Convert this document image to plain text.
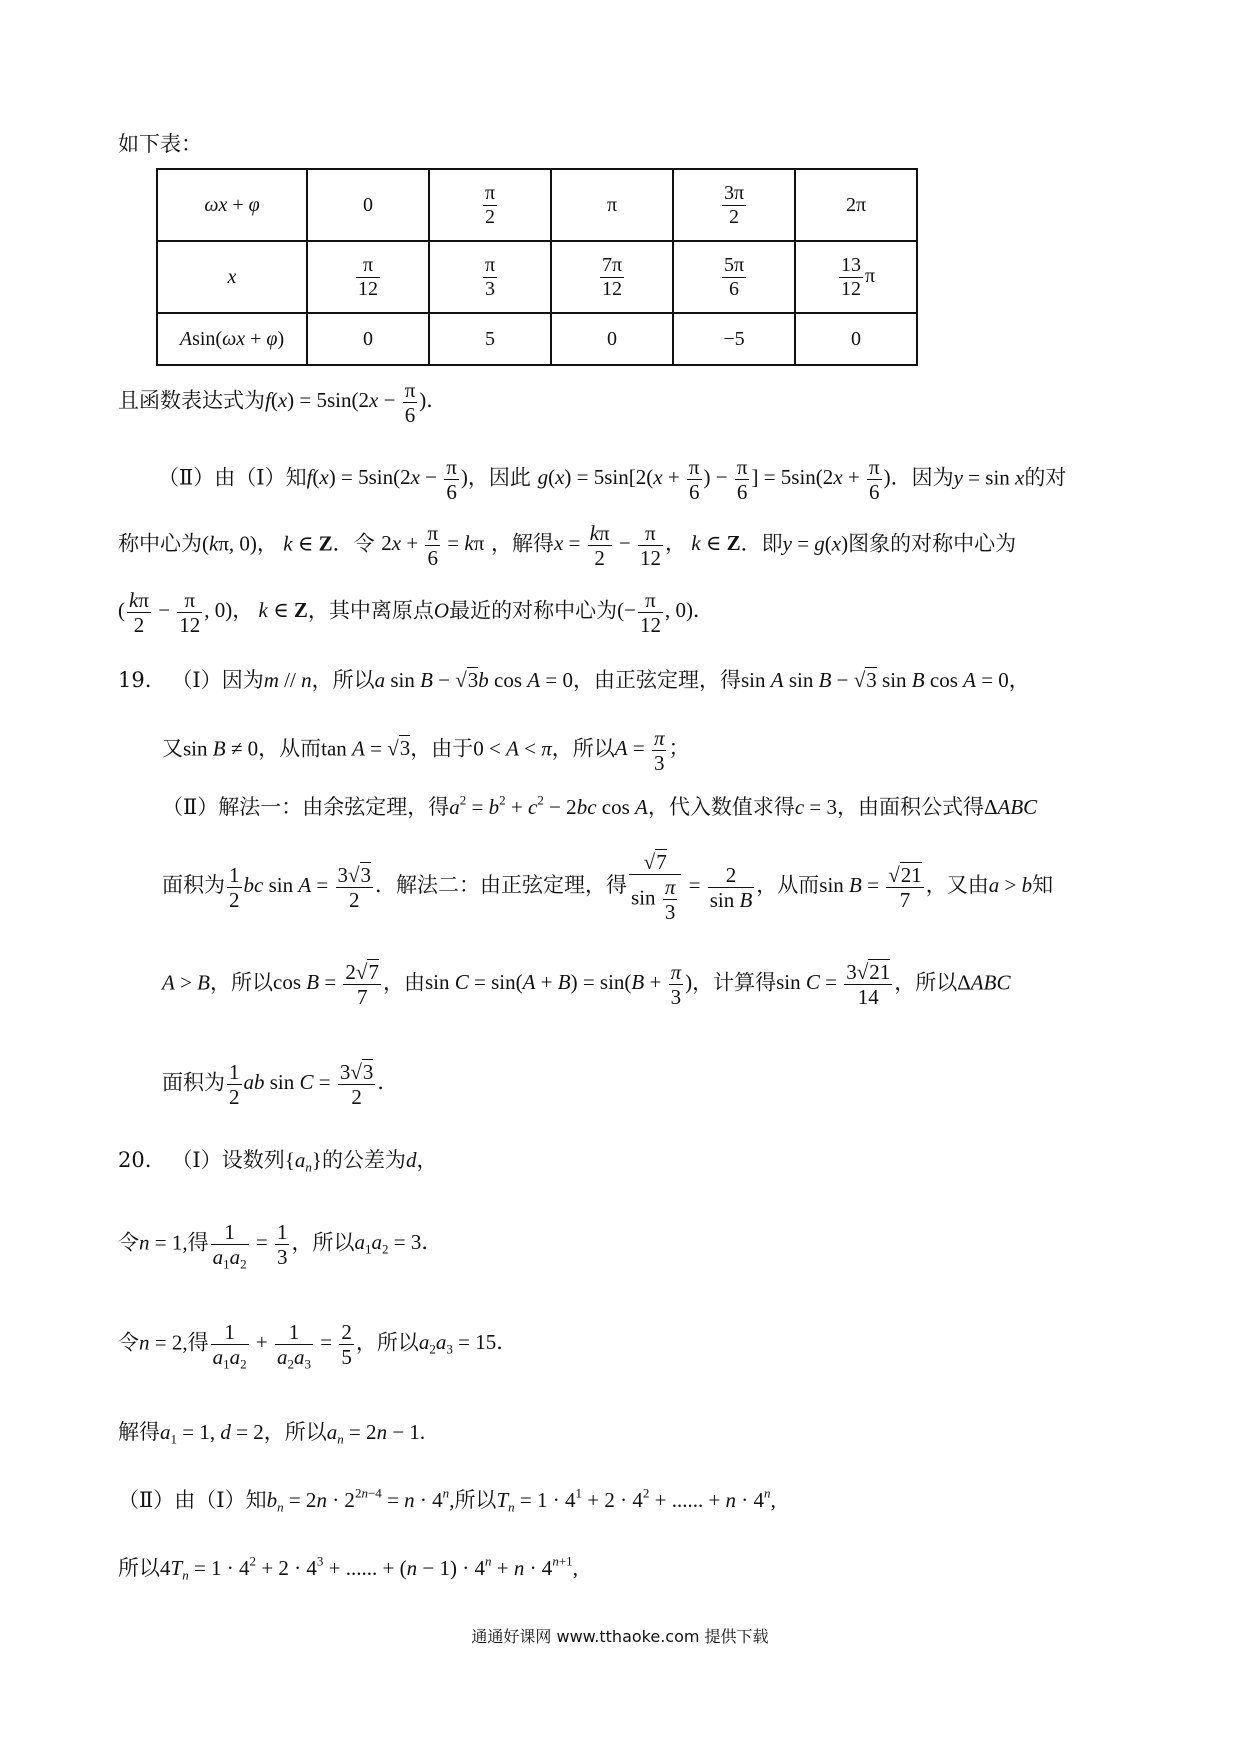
如下表：
ωx + φ	0	$\frac{\pi}{2}$	π	$\frac{3\pi}{2}$	2π
x	$\frac{\pi}{12}$	$\frac{\pi}{3}$	$\frac{7\pi}{12}$	$\frac{5\pi}{6}$	$\frac{13}{12}$ π
Asin(ωx + φ)	0	5	0	−5	0
且函数表达式为$f(x) = 5\sin(2x - \frac{\pi}{6}$ )．
（Ⅱ）由（Ⅰ）知$f(x) = 5\sin(2x - \frac{\pi}{6}$ )，因此 $g(x) = 5\sin[2(x + \frac{\pi}{6}$ ) − $\frac{\pi}{6}$ ] = $5\sin(2x + \frac{\pi}{6}$ )．因为y = sin x的对
称中心为(kπ, 0)， k ∈ Z．令 $2x + \frac{\pi}{6} = k\pi$ ，解得$x = \frac{k\pi}{2} - \frac{\pi}{12}$ ， k ∈ Z．即y = g(x)图象的对称中心为
( $\frac{k\pi}{2} - \frac{\pi}{12}$ , 0)， k ∈ Z，其中离原点O最近的对称中心为(− $\frac{\pi}{12}$ , 0)．
19. （Ⅰ）因为m // n，所以a sin B − √3b cos A = 0，由正弦定理，得sin A sin B − √3 sin B cos A = 0，
又sin B ≠ 0，从而tan A = √3，由于0 < A < π，所以$A = \frac{\pi}{3}$ ；
（Ⅱ）解法一：由余弦定理，得$a^2 = b^2 + c^2 - 2bc$ cos A，代入数值求得c = 3，由面积公式得ΔABC
面积为 $\frac{1}{2}$ bc $\sin A = \frac{3√3}{2}$ ．解法二：由正弦定理，得 $\frac{√7}{\sin \frac{\pi}{3}} = \frac{2}{\text{sin B}}$ ，从而$\sin B = \frac{√21}{7}$ ，又由a > b知
A > B，所以$\cos B = \frac{2√7}{7}$ ，由$\sin C = \sin(A + B) = \sin(B + \frac{\pi}{3}$ )，计算得$\sin C = \frac{3√21}{14}$ ，所以ΔABC
面积为 $\frac{1}{2}$ ab $\sin C = \frac{3√3}{2}$ ．
20. （Ⅰ）设数列$\{a_n\}$的公差为d，
令n = 1,得 $\frac{1}{a_1a_2} = \frac{1}{3}$ ，所以$a_1a_2 = 3$．
令n = 2,得 $\frac{1}{a_1a_2} + \frac{1}{a_2a_3} = \frac{2}{5}$ ，所以$a_2a_3 = 15$．
解得$a_1 = 1$, d = 2，所以$a_n = 2n - 1$.
（Ⅱ）由（Ⅰ）知$b_n = 2n \cdot 2^{2n-4} = n \cdot 4^n$,所以$T_n = 1 \cdot 4^1 + 2 \cdot 4^2$ + ...... + $n \cdot 4^n$,
所以$4T_n = 1 \cdot 4^2 + 2 \cdot 4^3$ + ...... + $(n - 1) \cdot 4^n + n \cdot 4^{n+1}$,
通通好课网 www.tthaoke.com 提供下载
